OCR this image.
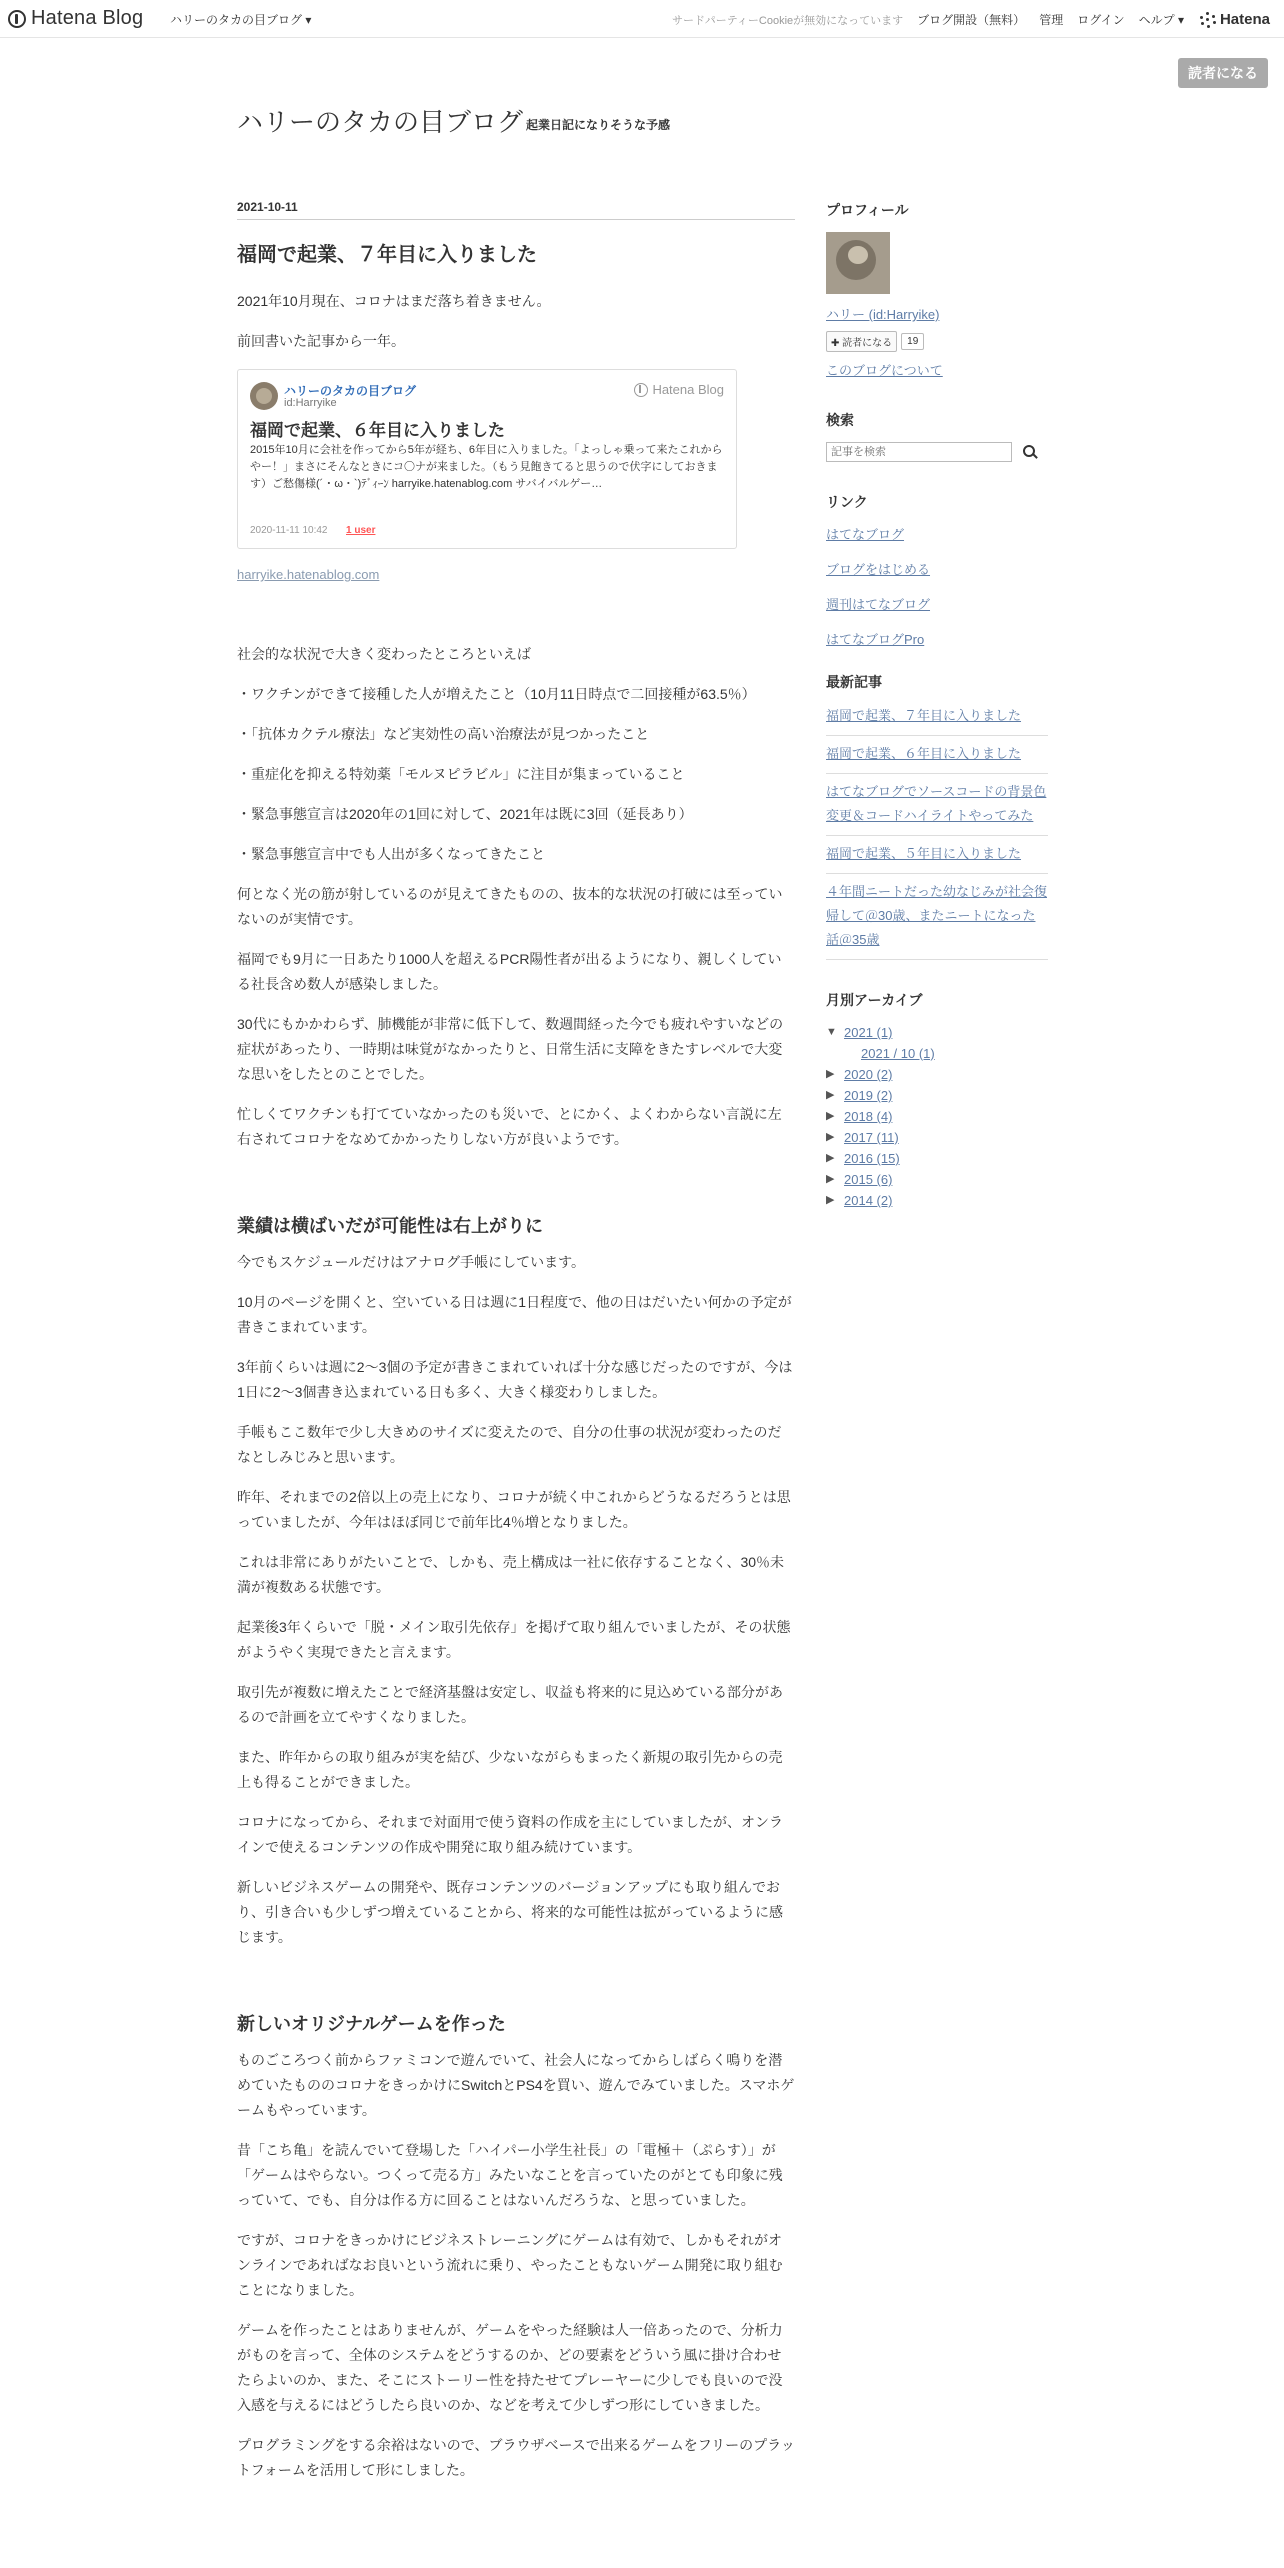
Hatena Blog ハリーのタカの目ブログ ▾	サードパーティーCookieが無効になっています ブログ開設（無料） 管理 ログイン ヘルプ ▾ Hatena
読者になる
ハリーのタカの目ブログ 起業日記になりそうな予感
2021-10-11
福岡で起業、７年目に入りました

2021年10月現在、コロナはまだ落ち着きません。

前回書いた記事から一年。

ハリーのタカの目ブログ
id:Harryike
Hatena Blog
福岡で起業、６年目に入りました
2015年10月に会社を作ってから5年が経ち、6年目に入りました。「よっしゃ乗って来たこれからやー！」まさにそんなときにコ〇ナが来ました。（もう見飽きてると思うので伏字にしておきます）ご愁傷様(´・ω・`)ﾃﾞｨｰﾝ harryike.hatenablog.com サバイバルゲー…
2020-11-11 10:42 1 user
harryike.hatenablog.com

社会的な状況で大きく変わったところといえば

・ワクチンができて接種した人が増えたこと（10月11日時点で二回接種が63.5％）

・「抗体カクテル療法」など実効性の高い治療法が見つかったこと

・重症化を抑える特効薬「モルヌピラビル」に注目が集まっていること

・緊急事態宣言は2020年の1回に対して、2021年は既に3回（延長あり）

・緊急事態宣言中でも人出が多くなってきたこと

何となく光の筋が射しているのが見えてきたものの、抜本的な状況の打破には至っていないのが実情です。

福岡でも9月に一日あたり1000人を超えるPCR陽性者が出るようになり、親しくしている社長含め数人が感染しました。

30代にもかかわらず、肺機能が非常に低下して、数週間経った今でも疲れやすいなどの症状があったり、一時期は味覚がなかったりと、日常生活に支障をきたすレベルで大変な思いをしたとのことでした。

忙しくてワクチンも打てていなかったのも災いで、とにかく、よくわからない言説に左右されてコロナをなめてかかったりしない方が良いようです。

業績は横ばいだが可能性は右上がりに

今でもスケジュールだけはアナログ手帳にしています。

10月のページを開くと、空いている日は週に1日程度で、他の日はだいたい何かの予定が書きこまれています。

3年前くらいは週に2～3個の予定が書きこまれていれば十分な感じだったのですが、今は1日に2～3個書き込まれている日も多く、大きく様変わりしました。

手帳もここ数年で少し大きめのサイズに変えたので、自分の仕事の状況が変わったのだなとしみじみと思います。

昨年、それまでの2倍以上の売上になり、コロナが続く中これからどうなるだろうとは思っていましたが、今年はほぼ同じで前年比4％増となりました。

これは非常にありがたいことで、しかも、売上構成は一社に依存することなく、30％未満が複数ある状態です。

起業後3年くらいで「脱・メイン取引先依存」を掲げて取り組んでいましたが、その状態がようやく実現できたと言えます。

取引先が複数に増えたことで経済基盤は安定し、収益も将来的に見込めている部分があるので計画を立てやすくなりました。

また、昨年からの取り組みが実を結び、少ないながらもまったく新規の取引先からの売上も得ることができました。

コロナになってから、それまで対面用で使う資料の作成を主にしていましたが、オンラインで使えるコンテンツの作成や開発に取り組み続けています。

新しいビジネスゲームの開発や、既存コンテンツのバージョンアップにも取り組んでおり、引き合いも少しずつ増えていることから、将来的な可能性は拡がっているように感じます。

新しいオリジナルゲームを作った

ものごころつく前からファミコンで遊んでいて、社会人になってからしばらく鳴りを潜めていたもののコロナをきっかけにSwitchとPS4を買い、遊んでみていました。スマホゲームもやっています。

昔「こち亀」を読んでいて登場した「ハイパー小学生社長」の「電極＋（ぷらす）」が「ゲームはやらない。つくって売る方」みたいなことを言っていたのがとても印象に残っていて、でも、自分は作る方に回ることはないんだろうな、と思っていました。

ですが、コロナをきっかけにビジネストレーニングにゲームは有効で、しかもそれがオンラインであればなお良いという流れに乗り、やったこともないゲーム開発に取り組むことになりました。

ゲームを作ったことはありませんが、ゲームをやった経験は人一倍あったので、分析力がものを言って、全体のシステムをどうするのか、どの要素をどういう風に掛け合わせたらよいのか、また、そこにストーリー性を持たせてプレーヤーに少しでも良いので没入感を与えるにはどうしたら良いのか、などを考えて少しずつ形にしていきました。

プログラミングをする余裕はないので、ブラウザベースで出来るゲームをフリーのプラットフォームを活用して形にしました。

プロフィール
ハリー (id:Harryike)
✚ 読者になる	19
このブログについて
検索
記事を検索
リンク
はてなブログ
ブログをはじめる
週刊はてなブログ
はてなブログPro
最新記事
福岡で起業、７年目に入りました
福岡で起業、６年目に入りました
はてなブログでソースコードの背景色変更＆コードハイライトやってみた
福岡で起業、５年目に入りました
４年間ニートだった幼なじみが社会復帰して＠30歳、またニートになった話＠35歳
月別アーカイブ
▼ 2021 (1)
2021 / 10 (1)
▶ 2020 (2)
▶ 2019 (2)
▶ 2018 (4)
▶ 2017 (11)
▶ 2016 (15)
▶ 2015 (6)
▶ 2014 (2)
